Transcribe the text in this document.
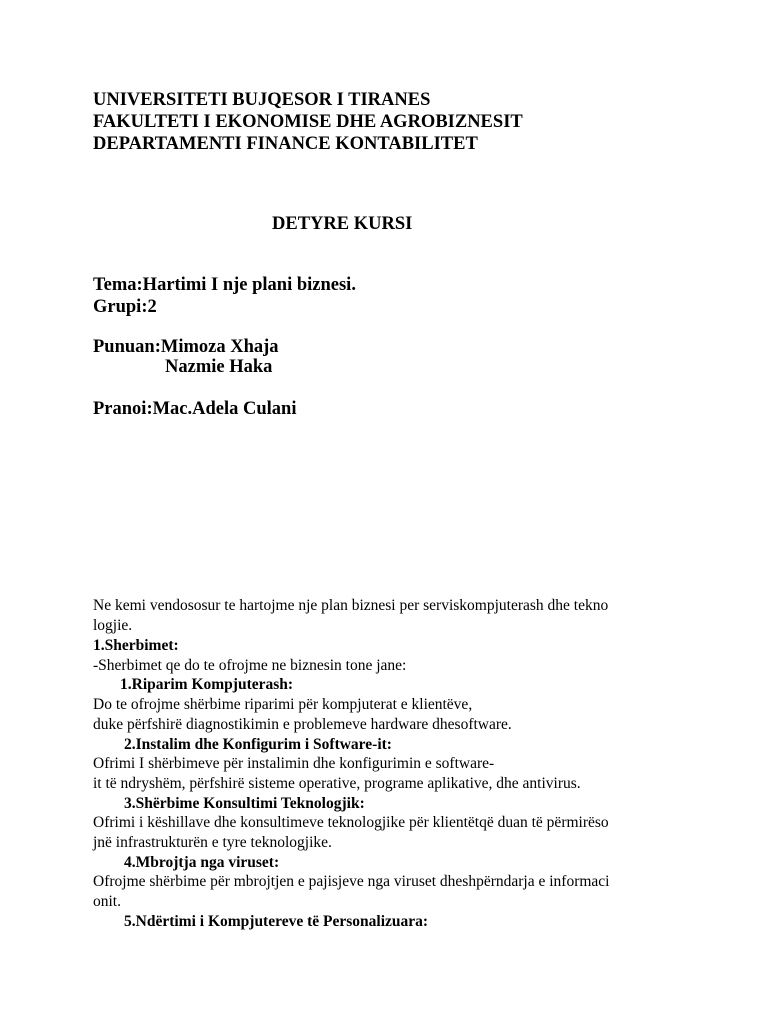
UNIVERSITETI BUJQESOR I TIRANES
FAKULTETI I EKONOMISE DHE AGROBIZNESIT
DEPARTAMENTI FINANCE KONTABILITET
DETYRE KURSI
Tema:Hartimi I nje plani biznesi.
Grupi:2
Punuan:Mimoza Xhaja
Nazmie Haka
Pranoi:Mac.Adela Culani
Ne kemi vendososur te hartojme nje plan biznesi per serviskompjuterash dhe tekno
logjie.
1.Sherbimet:
-Sherbimet qe do te ofrojme ne biznesin tone jane:
1.Riparim Kompjuterash:
Do te ofrojme shërbime riparimi për kompjuterat e klientëve,
duke përfshirë diagnostikimin e problemeve hardware dhesoftware.
2.Instalim dhe Konfigurim i Software-it:
Ofrimi I shërbimeve për instalimin dhe konfigurimin e software-
it të ndryshëm, përfshirë sisteme operative, programe aplikative, dhe antivirus.
3.Shërbime Konsultimi Teknologjik:
Ofrimi i këshillave dhe konsultimeve teknologjike për klientëtqë duan të përmirëso
jnë infrastrukturën e tyre teknologjike.
4.Mbrojtja nga viruset:
Ofrojme shërbime për mbrojtjen e pajisjeve nga viruset dheshpërndarja e informaci
onit.
5.Ndërtimi i Kompjutereve të Personalizuara:
